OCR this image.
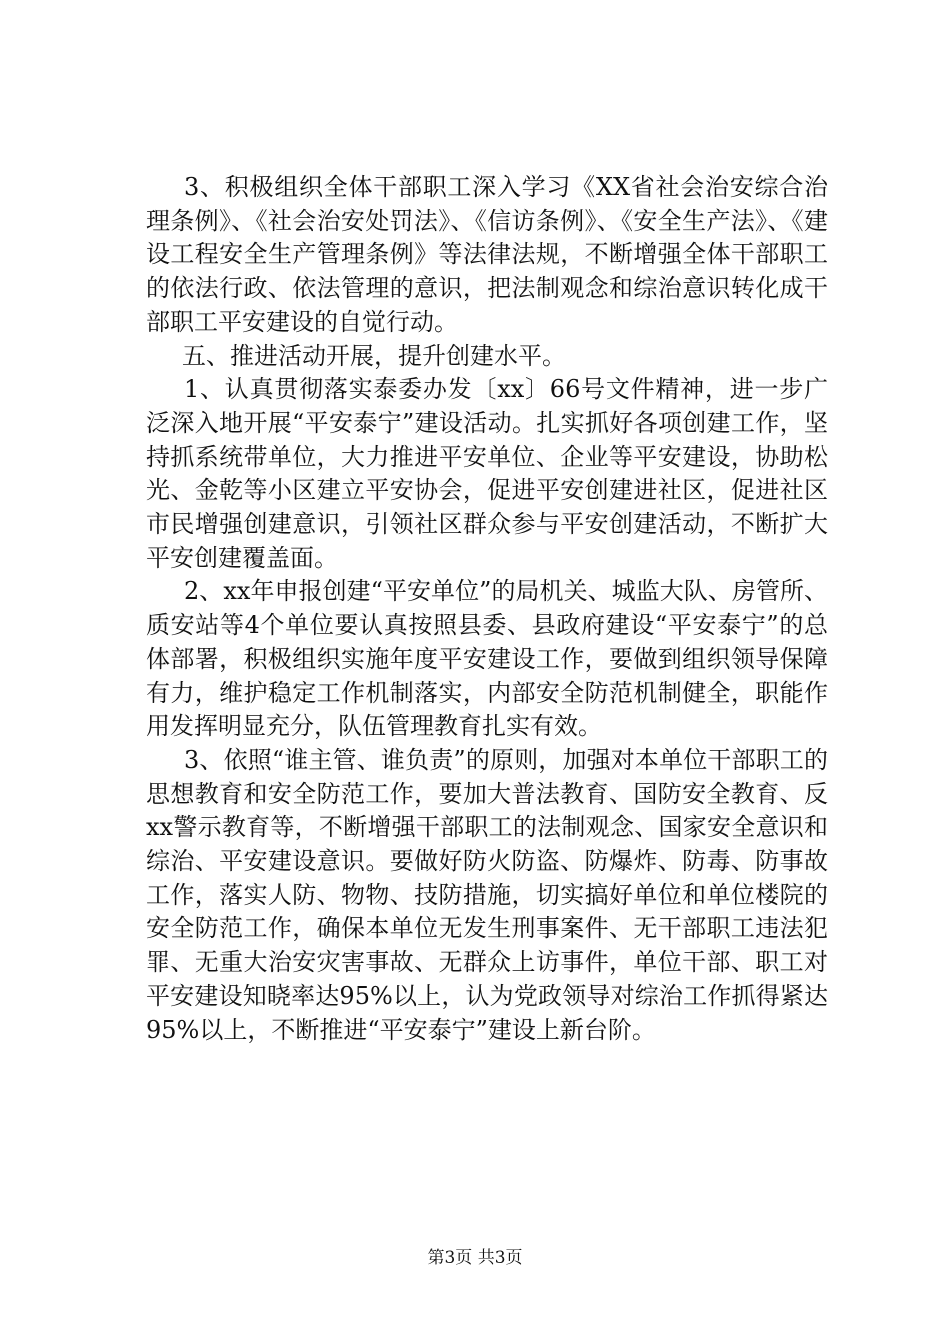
3、积极组织全体干部职工深入学习《XX省社会治安综合治理条例》、《社会治安处罚法》、《信访条例》、《安全生产法》、《建设工程安全生产管理条例》等法律法规，不断增强全体干部职工的依法行政、依法管理的意识，把法制观念和综治意识转化成干部职工平安建设的自觉行动。

五、推进活动开展，提升创建水平。

1、认真贯彻落实泰委办发〔xx〕66号文件精神，进一步广泛深入地开展“平安泰宁”建设活动。扎实抓好各项创建工作，坚持抓系统带单位，大力推进平安单位、企业等平安建设，协助松光、金乾等小区建立平安协会，促进平安创建进社区，促进社区市民增强创建意识，引领社区群众参与平安创建活动，不断扩大平安创建覆盖面。

2、xx年申报创建“平安单位”的局机关、城监大队、房管所、质安站等4个单位要认真按照县委、县政府建设“平安泰宁”的总体部署，积极组织实施年度平安建设工作，要做到组织领导保障有力，维护稳定工作机制落实，内部安全防范机制健全，职能作用发挥明显充分，队伍管理教育扎实有效。

3、依照“谁主管、谁负责”的原则，加强对本单位干部职工的思想教育和安全防范工作，要加大普法教育、国防安全教育、反xx警示教育等，不断增强干部职工的法制观念、国家安全意识和综治、平安建设意识。要做好防火防盗、防爆炸、防毒、防事故工作，落实人防、物物、技防措施，切实搞好单位和单位楼院的安全防范工作，确保本单位无发生刑事案件、无干部职工违法犯罪、无重大治安灾害事故、无群众上访事件，单位干部、职工对平安建设知晓率达95%以上，认为党政领导对综治工作抓得紧达95%以上，不断推进“平安泰宁”建设上新台阶。

第3页 共3页
